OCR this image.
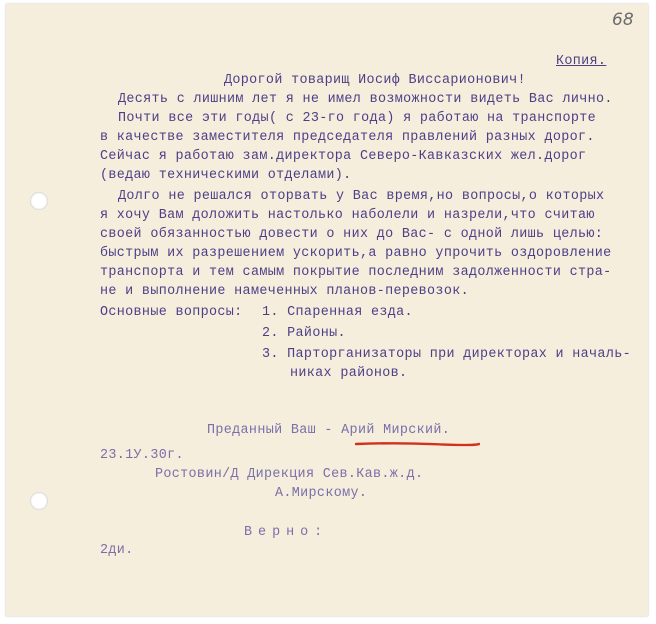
68
Копия.
Дорогой товарищ Иосиф Виссарионович!
Десять с лишним лет я не имел возможности видеть Вас лично.
Почти все эти годы( с 23-го года) я работаю на транспорте
в качестве заместителя председателя правлений разных дорог.
Сейчас я работаю зам.директора Северо-Кавказских жел.дорог
(ведаю техническими отделами).
Долго не решался оторвать у Вас время,но вопросы,о которых
я хочу Вам доложить настолько наболели и назрели,что считаю
своей обязанностью довести о них до Вас- с одной лишь целью:
быстрым их разрешением ускорить,а равно упрочить оздоровление
транспорта и тем самым покрытие последним задолженности стра-
не и выполнение намеченных планов-перевозок.
Основные вопросы: 1. Спаренная езда.
2. Районы.
3. Парторганизаторы при директорах и началь-
никах районов.
Преданный Ваш - Арий Мирский.
23.1У.30г.
Ростовин/Д Дирекция Сев.Кав.ж.д.
А.Мирскому.
Верно:
2ди.
